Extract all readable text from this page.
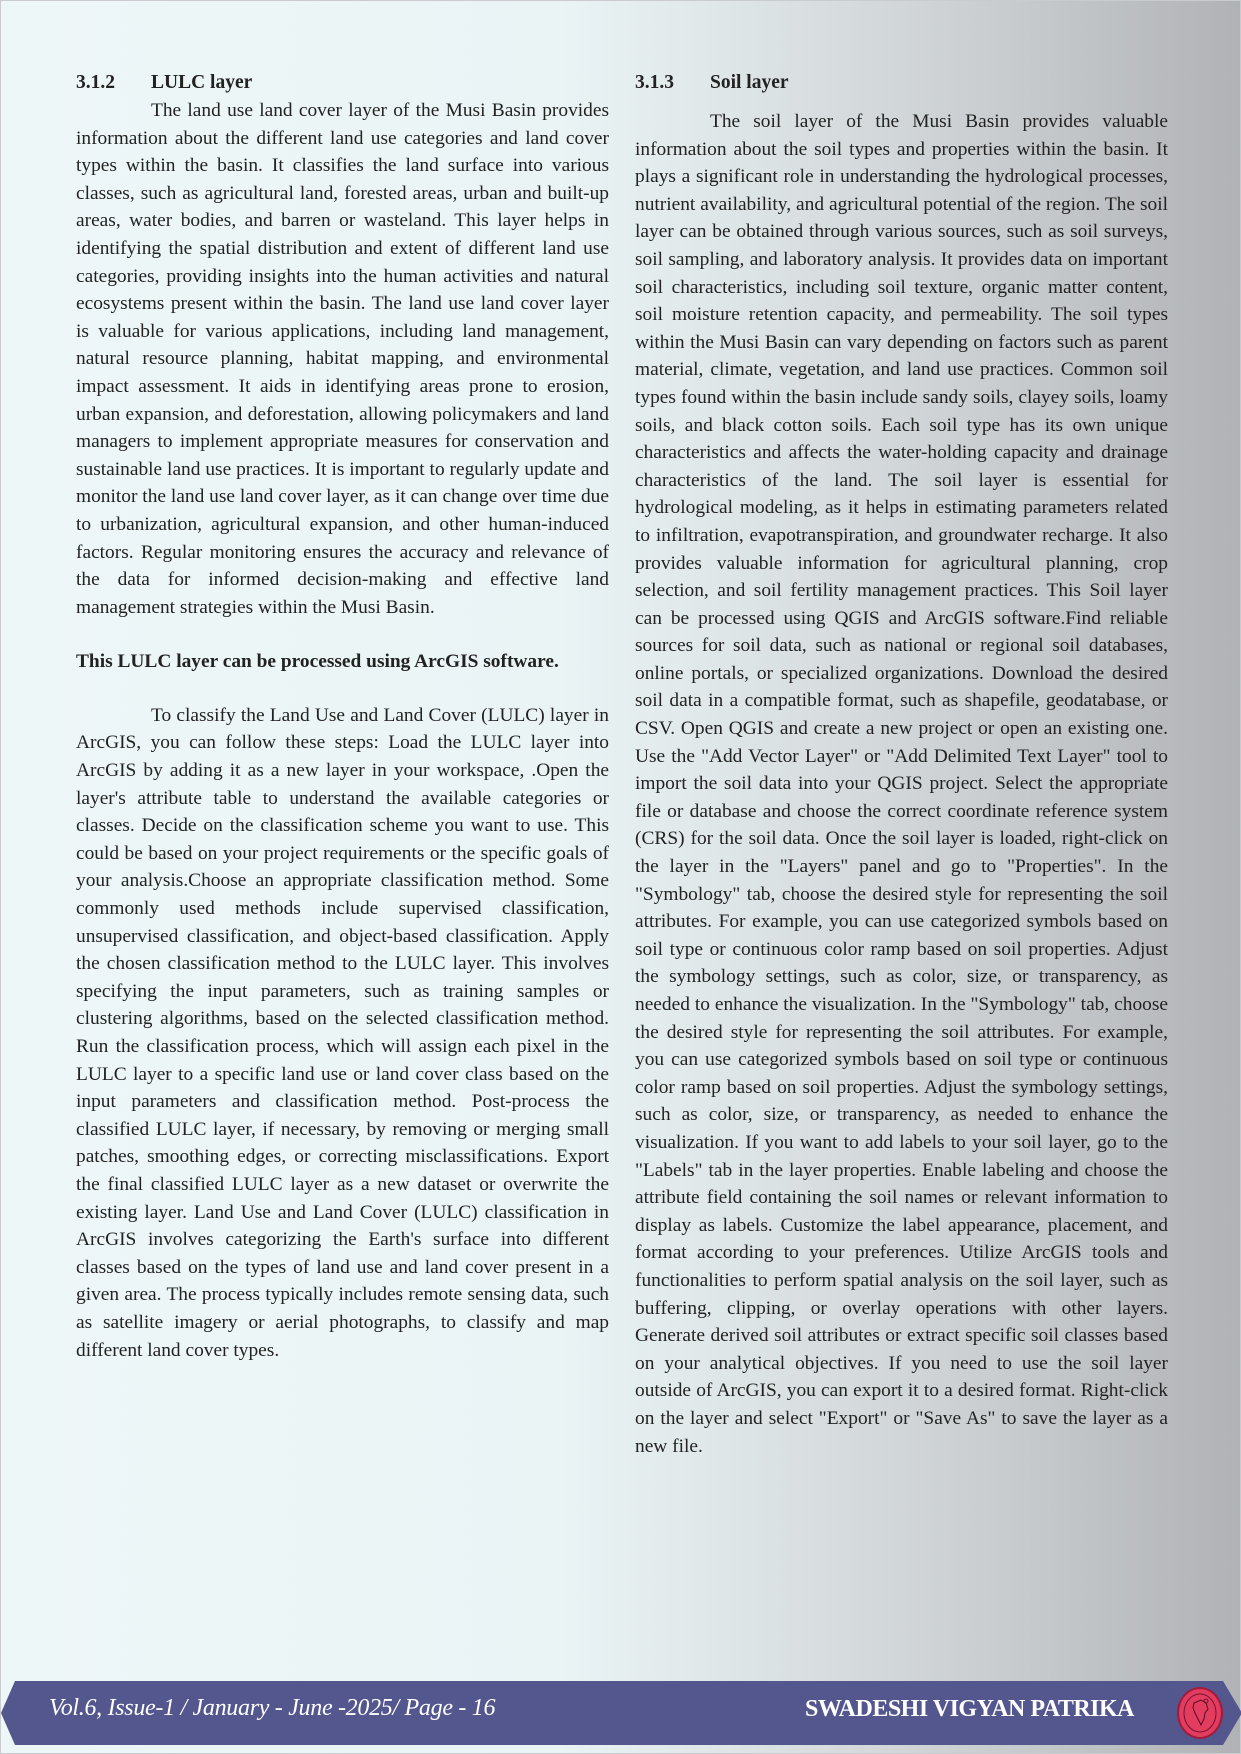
3.1.2	LULC layer

The land use land cover layer of the Musi Basin provides information about the different land use categories and land cover types within the basin. It classifies the land surface into various classes, such as agricultural land, forested areas, urban and built-up areas, water bodies, and barren or wasteland. This layer helps in identifying the spatial distribution and extent of different land use categories, providing insights into the human activities and natural ecosystems present within the basin. The land use land cover layer is valuable for various applications, including land management, natural resource planning, habitat mapping, and environmental impact assessment. It aids in identifying areas prone to erosion, urban expansion, and deforestation, allowing policymakers and land managers to implement appropriate measures for conservation and sustainable land use practices. It is important to regularly update and monitor the land use land cover layer, as it can change over time due to urbanization, agricultural expansion, and other human-induced factors. Regular monitoring ensures the accuracy and relevance of the data for informed decision-making and effective land management strategies within the Musi Basin.

This LULC layer can be processed using ArcGIS software.

To classify the Land Use and Land Cover (LULC) layer in ArcGIS, you can follow these steps: Load the LULC layer into ArcGIS by adding it as a new layer in your workspace, .Open the layer's attribute table to understand the available categories or classes. Decide on the classification scheme you want to use. This could be based on your project requirements or the specific goals of your analysis.Choose an appropriate classification method. Some commonly used methods include supervised classification, unsupervised classification, and object-based classification. Apply the chosen classification method to the LULC layer. This involves specifying the input parameters, such as training samples or clustering algorithms, based on the selected classification method. Run the classification process, which will assign each pixel in the LULC layer to a specific land use or land cover class based on the input parameters and classification method. Post-process the classified LULC layer, if necessary, by removing or merging small patches, smoothing edges, or correcting misclassifications. Export the final classified LULC layer as a new dataset or overwrite the existing layer. Land Use and Land Cover (LULC) classification in ArcGIS involves categorizing the Earth's surface into different classes based on the types of land use and land cover present in a given area. The process typically includes remote sensing data, such as satellite imagery or aerial photographs, to classify and map different land cover types.

3.1.3	Soil layer

The soil layer of the Musi Basin provides valuable information about the soil types and properties within the basin. It plays a significant role in understanding the hydrological processes, nutrient availability, and agricultural potential of the region. The soil layer can be obtained through various sources, such as soil surveys, soil sampling, and laboratory analysis. It provides data on important soil characteristics, including soil texture, organic matter content, soil moisture retention capacity, and permeability. The soil types within the Musi Basin can vary depending on factors such as parent material, climate, vegetation, and land use practices. Common soil types found within the basin include sandy soils, clayey soils, loamy soils, and black cotton soils. Each soil type has its own unique characteristics and affects the water-holding capacity and drainage characteristics of the land. The soil layer is essential for hydrological modeling, as it helps in estimating parameters related to infiltration, evapotranspiration, and groundwater recharge. It also provides valuable information for agricultural planning, crop selection, and soil fertility management practices. This Soil layer can be processed using QGIS and ArcGIS software.Find reliable sources for soil data, such as national or regional soil databases, online portals, or specialized organizations. Download the desired soil data in a compatible format, such as shapefile, geodatabase, or CSV. Open QGIS and create a new project or open an existing one. Use the "Add Vector Layer" or "Add Delimited Text Layer" tool to import the soil data into your QGIS project. Select the appropriate file or database and choose the correct coordinate reference system (CRS) for the soil data. Once the soil layer is loaded, right-click on the layer in the "Layers" panel and go to "Properties". In the "Symbology" tab, choose the desired style for representing the soil attributes. For example, you can use categorized symbols based on soil type or continuous color ramp based on soil properties. Adjust the symbology settings, such as color, size, or transparency, as needed to enhance the visualization. In the "Symbology" tab, choose the desired style for representing the soil attributes. For example, you can use categorized symbols based on soil type or continuous color ramp based on soil properties. Adjust the symbology settings, such as color, size, or transparency, as needed to enhance the visualization. If you want to add labels to your soil layer, go to the "Labels" tab in the layer properties. Enable labeling and choose the attribute field containing the soil names or relevant information to display as labels. Customize the label appearance, placement, and format according to your preferences. Utilize ArcGIS tools and functionalities to perform spatial analysis on the soil layer, such as buffering, clipping, or overlay operations with other layers. Generate derived soil attributes or extract specific soil classes based on your analytical objectives. If you need to use the soil layer outside of ArcGIS, you can export it to a desired format. Right-click on the layer and select "Export" or "Save As" to save the layer as a new file.

Vol.6, Issue-1 / January - June -2025/ Page - 16	SWADESHI VIGYAN PATRIKA
